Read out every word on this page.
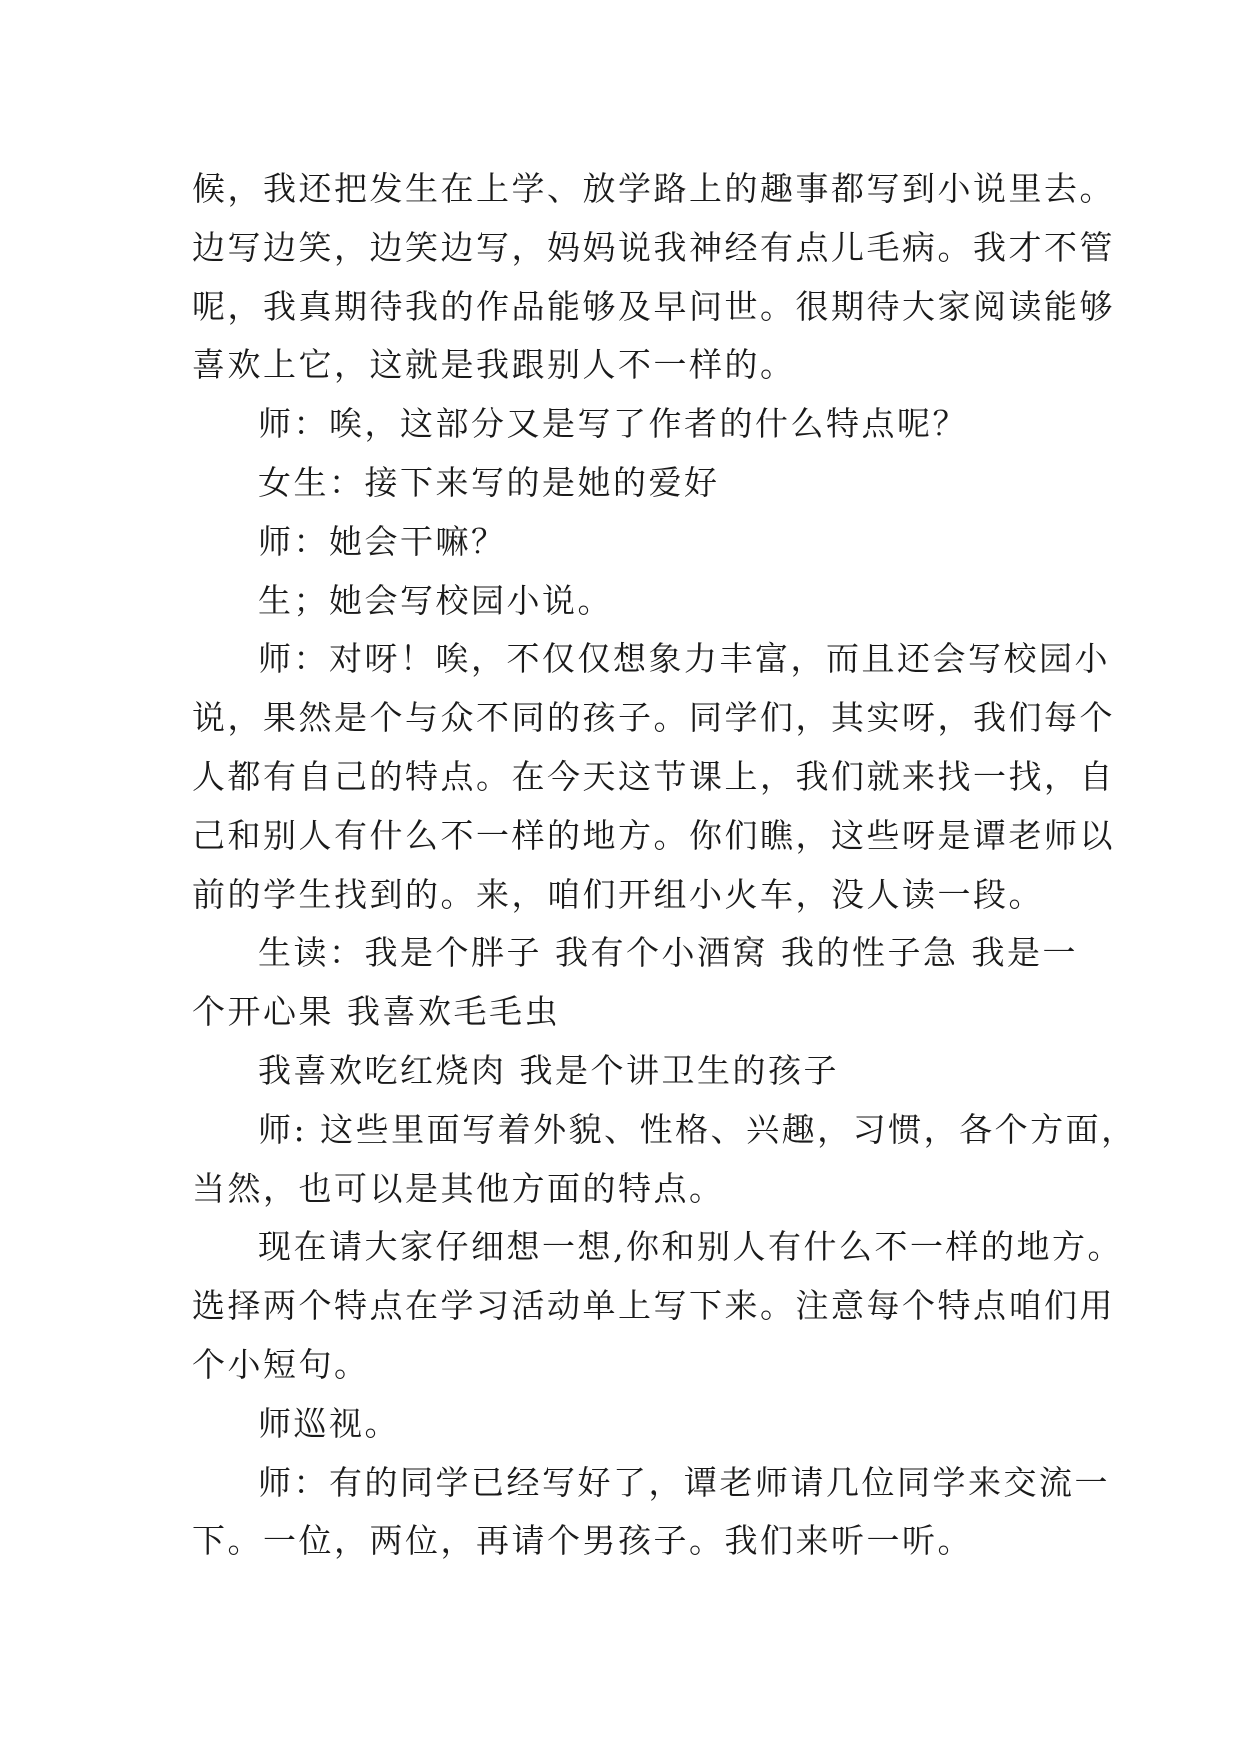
候，我还把发生在上学、放学路上的趣事都写到小说里去。
边写边笑，边笑边写，妈妈说我神经有点儿毛病。我才不管
呢，我真期待我的作品能够及早问世。很期待大家阅读能够
喜欢上它，这就是我跟别人不一样的。
师：唉，这部分又是写了作者的什么特点呢？
女生：接下来写的是她的爱好
师：她会干嘛？
生；她会写校园小说。
师：对呀！唉，不仅仅想象力丰富，而且还会写校园小
说，果然是个与众不同的孩子。同学们，其实呀，我们每个
人都有自己的特点。在今天这节课上，我们就来找一找，自
己和别人有什么不一样的地方。你们瞧，这些呀是谭老师以
前的学生找到的。来，咱们开组小火车，没人读一段。
生读：我是个胖子 我有个小酒窝 我的性子急 我是一
个开心果 我喜欢毛毛虫
我喜欢吃红烧肉 我是个讲卫生的孩子
师: 这些里面写着外貌、性格、兴趣，习惯，各个方面，
当然，也可以是其他方面的特点。
现在请大家仔细想一想,你和别人有什么不一样的地方。
选择两个特点在学习活动单上写下来。注意每个特点咱们用
个小短句。
师巡视。
师：有的同学已经写好了，谭老师请几位同学来交流一
下。一位，两位，再请个男孩子。我们来听一听。
